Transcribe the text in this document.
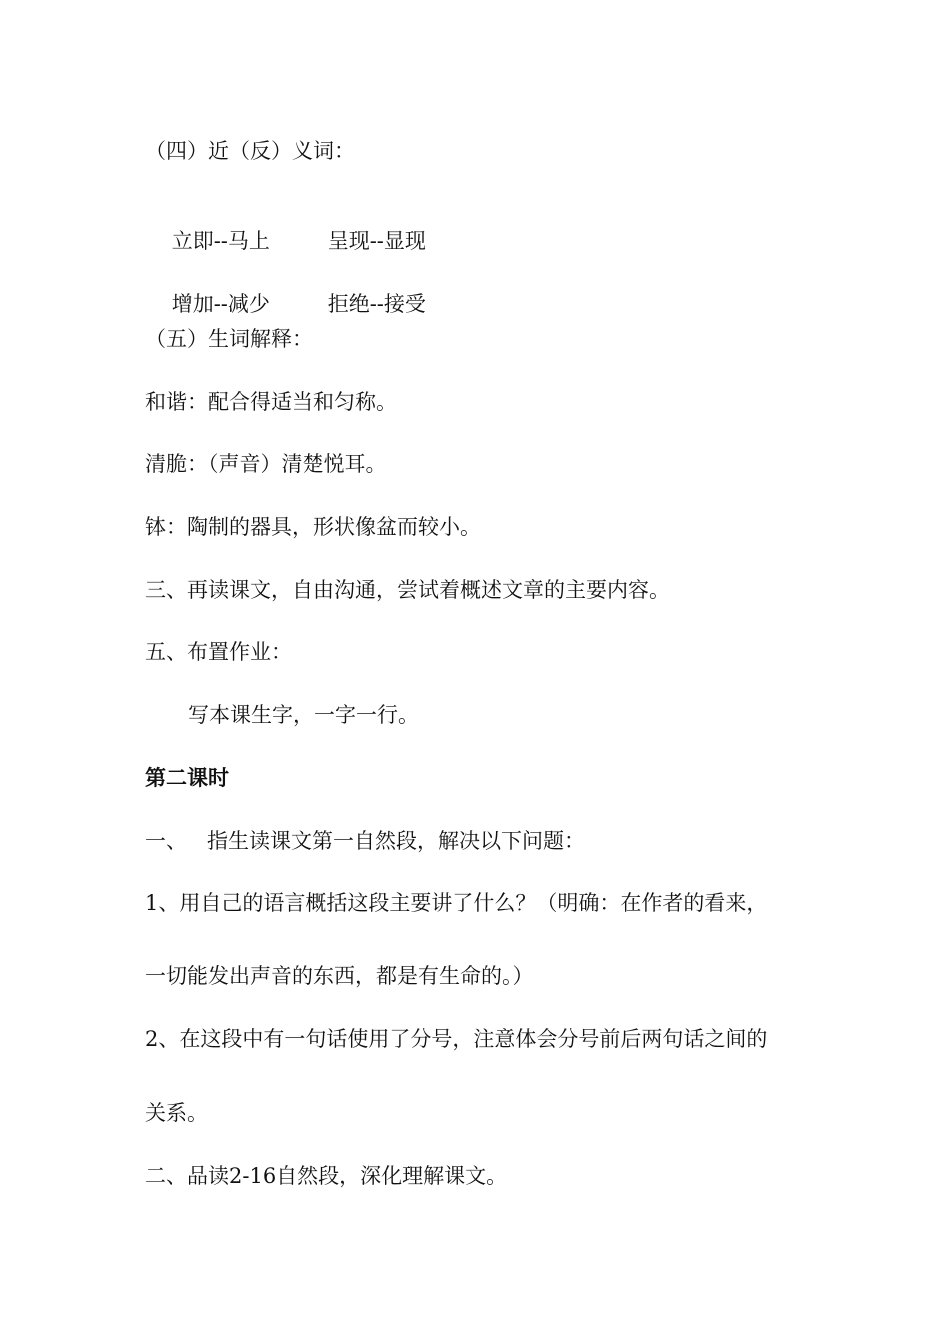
（四）近（反）义词：

立即--马上	呈现--显现

增加--减少	拒绝--接受

（五）生词解释：
和谐：配合得适当和匀称。
清脆：（声音）清楚悦耳。
钵：陶制的器具，形状像盆而较小。
三、再读课文，自由沟通，尝试着概述文章的主要内容。
五、布置作业：
写本课生字，一字一行。
第二课时
一、   指生读课文第一自然段，解决以下问题：
1、用自己的语言概括这段主要讲了什么？（明确：在作者的看来，
一切能发出声音的东西，都是有生命的。）
2、在这段中有一句话使用了分号，注意体会分号前后两句话之间的
关系。
二、品读2-16自然段，深化理解课文。
